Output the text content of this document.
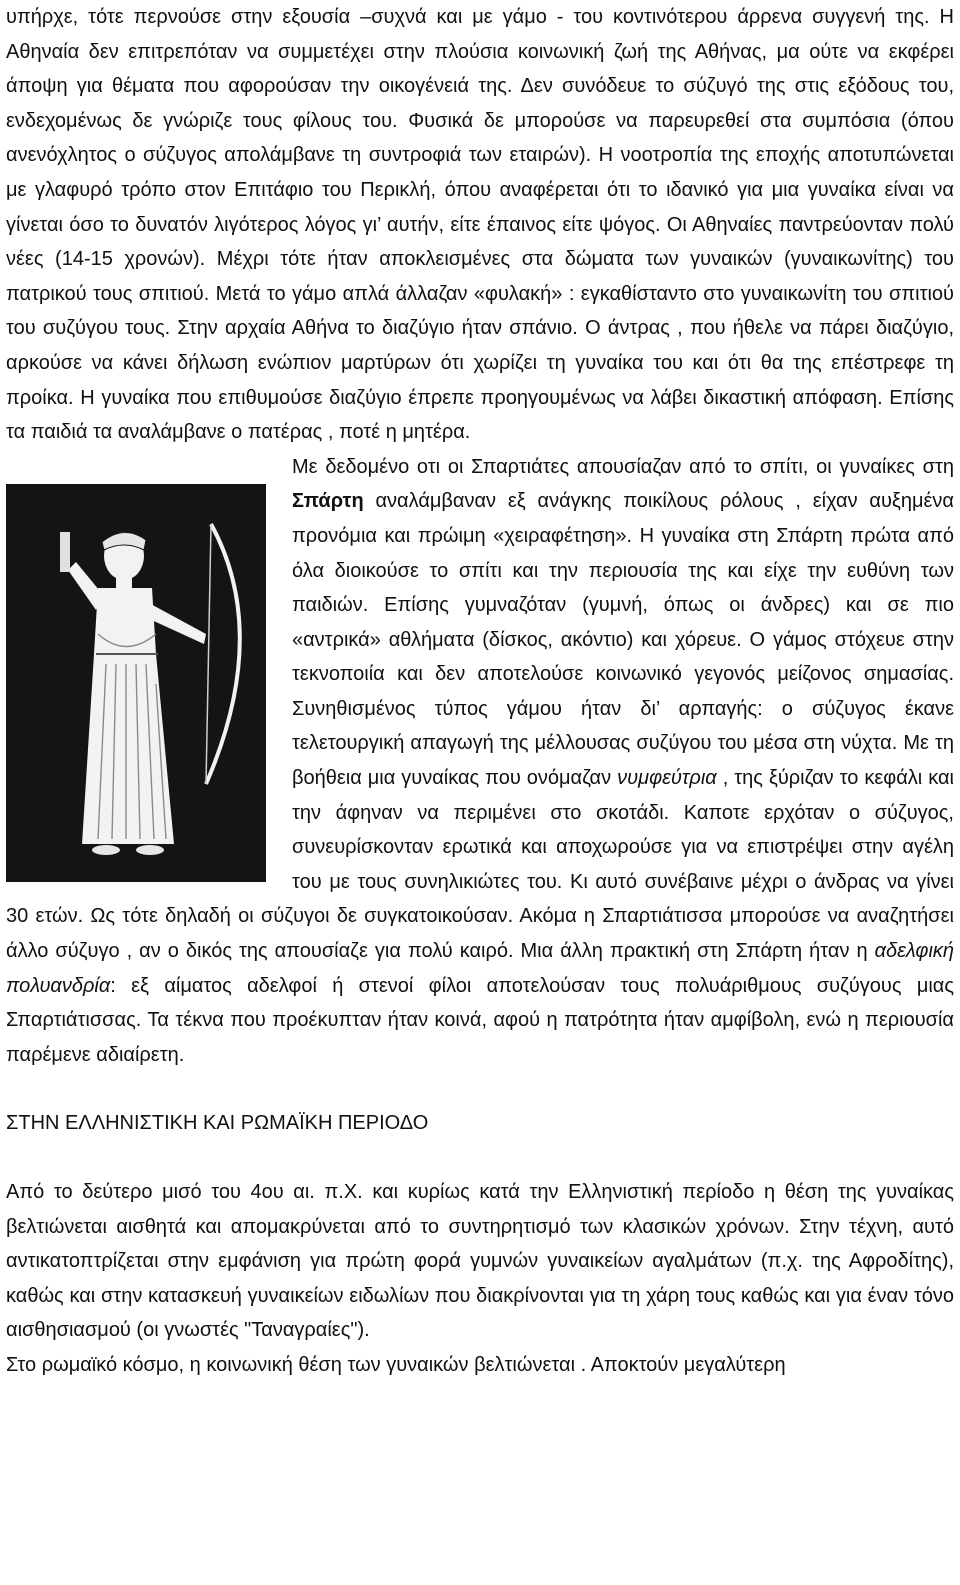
υπήρχε, τότε περνούσε στην εξουσία –συχνά και με γάμο - του κοντινότερου άρρενα συγγενή της. Η Αθηναία δεν επιτρεπόταν να συμμετέχει στην πλούσια κοινωνική ζωή της Αθήνας, μα ούτε να εκφέρει άποψη για θέματα που αφορούσαν την οικογένειά της. Δεν συνόδευε το σύζυγό της στις εξόδους του, ενδεχομένως δε γνώριζε τους φίλους του. Φυσικά δε μπορούσε να παρευρεθεί στα συμπόσια (όπου ανενόχλητος ο σύζυγος απολάμβανε τη συντροφιά των εταιρών). Η νοοτροπία της εποχής αποτυπώνεται με γλαφυρό τρόπο στον Επιτάφιο του Περικλή, όπου αναφέρεται ότι το ιδανικό για μια γυναίκα είναι να γίνεται όσο το δυνατόν λιγότερος λόγος γι’ αυτήν, είτε έπαινος είτε ψόγος. Οι Αθηναίες παντρεύονταν πολύ νέες (14-15 χρονών). Μέχρι τότε ήταν αποκλεισμένες στα δώματα των γυναικών (γυναικωνίτης) του πατρικού τους σπιτιού. Μετά το γάμο απλά άλλαζαν «φυλακή» : εγκαθίσταντο στο γυναικωνίτη του σπιτιού του συζύγου τους. Στην αρχαία Αθήνα το διαζύγιο ήταν σπάνιο. Ο άντρας , που ήθελε να πάρει διαζύγιο, αρκούσε να κάνει δήλωση ενώπιον μαρτύρων ότι χωρίζει τη γυναίκα του και ότι θα της επέστρεφε τη προίκα. Η γυναίκα που επιθυμούσε διαζύγιο έπρεπε προηγουμένως να λάβει δικαστική απόφαση. Επίσης τα παιδιά τα αναλάμβανε ο πατέρας , ποτέ η μητέρα.

Με δεδομένο οτι οι Σπαρτιάτες απουσίαζαν από το σπίτι, οι γυναίκες στη Σπάρτη αναλάμβαναν εξ ανάγκης ποικίλους ρόλους , είχαν αυξημένα προνόμια και πρώιμη «χειραφέτηση». Η γυναίκα στη Σπάρτη πρώτα από όλα διοικούσε το σπίτι και την περιουσία της και είχε την ευθύνη των παιδιών. Επίσης γυμναζόταν (γυμνή, όπως οι άνδρες) και σε πιο «αντρικά» αθλήματα (δίσκος, ακόντιο) και χόρευε. Ο γάμος στόχευε στην τεκνοποιία και δεν αποτελούσε κοινωνικό γεγονός μείζονος σημασίας. Συνηθισμένος τύπος γάμου ήταν δι’ αρπαγής: ο σύζυγος έκανε τελετουργική απαγωγή της μέλλουσας συζύγου του μέσα στη νύχτα. Με τη βοήθεια μια γυναίκας που ονόμαζαν νυμφεύτρια , της ξύριζαν το κεφάλι και την άφηναν να περιμένει στο σκοτάδι. Καποτε ερχόταν ο σύζυγος, συνευρίσκονταν ερωτικά και αποχωρούσε για να επιστρέψει στην αγέλη του με τους συνηλικιώτες του. Κι αυτό συνέβαινε μέχρι ο άνδρας να γίνει 30 ετών. Ως τότε δηλαδή οι σύζυγοι δε συγκατοικούσαν. Ακόμα η Σπαρτιάτισσα μπορούσε να αναζητήσει άλλο σύζυγο , αν ο δικός της απουσίαζε για πολύ καιρό. Μια άλλη πρακτική στη Σπάρτη ήταν η αδελφική πολυανδρία: εξ αίματος αδελφοί ή στενοί φίλοι αποτελούσαν τους πολυάριθμους συζύγους μιας Σπαρτιάτισσας. Τα τέκνα που προέκυπταν ήταν κοινά, αφού η πατρότητα ήταν αμφίβολη, ενώ η περιουσία παρέμενε αδιαίρετη.

ΣΤΗΝ ΕΛΛΗΝΙΣΤΙΚΗ ΚΑΙ ΡΩΜΑΪΚΗ ΠΕΡΙΟΔΟ

Από το δεύτερο μισό του 4ου αι. π.Χ. και κυρίως κατά την Ελληνιστική περίοδο η θέση της γυναίκας βελτιώνεται αισθητά και απομακρύνεται από το συντηρητισμό των κλασικών χρόνων. Στην τέχνη, αυτό αντικατοπτρίζεται στην εμφάνιση για πρώτη φορά γυμνών γυναικείων αγαλμάτων (π.χ. της Αφροδίτης), καθώς και στην κατασκευή γυναικείων ειδωλίων που διακρίνονται για τη χάρη τους καθώς και για έναν τόνο αισθησιασμού (οι γνωστές "Ταναγραίες").

Στο ρωμαϊκό κόσμο, η κοινωνική θέση των γυναικών βελτιώνεται . Αποκτούν μεγαλύτερη
